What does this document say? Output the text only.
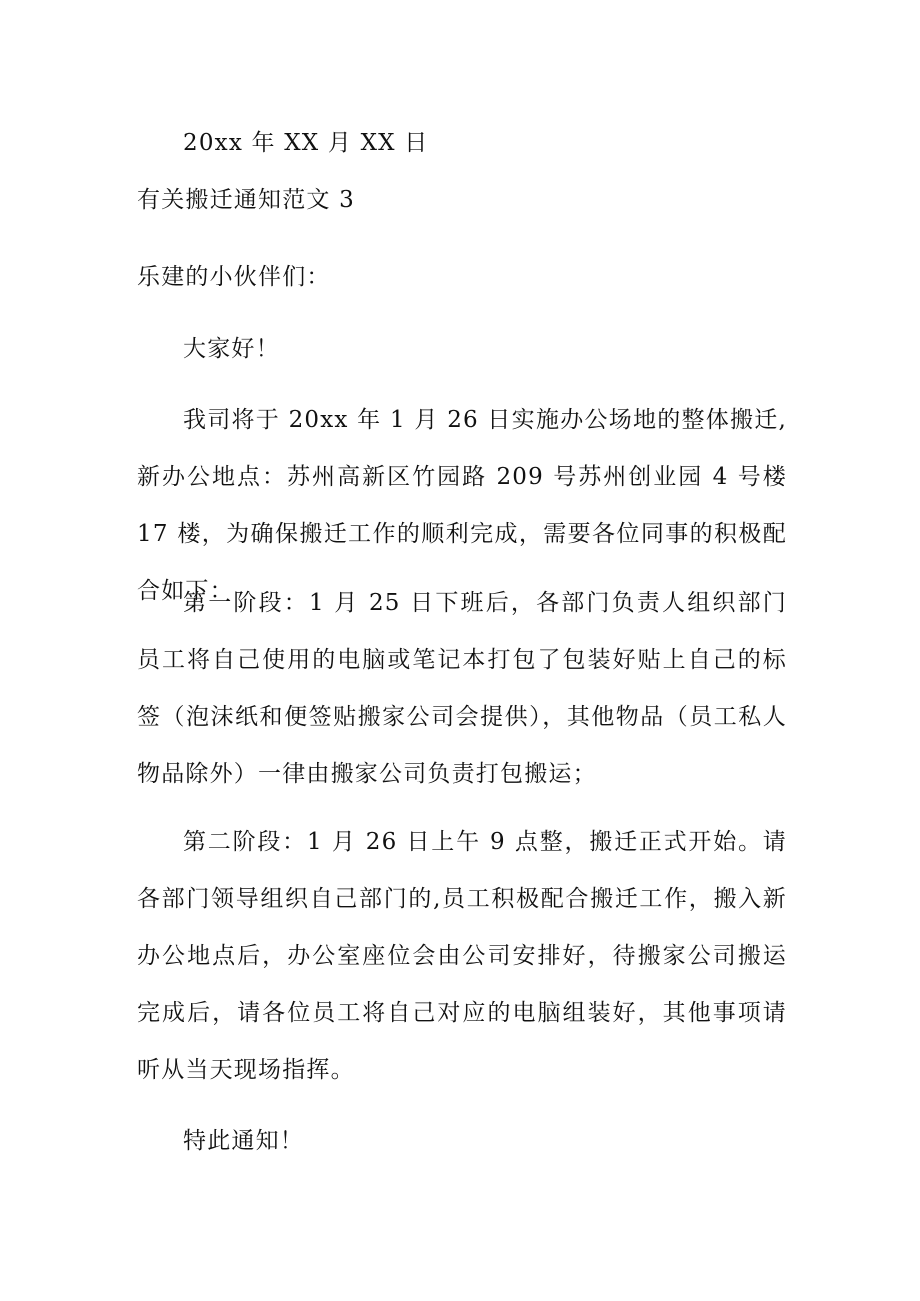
20xx 年 XX 月 XX 日

有关搬迁通知范文 3

乐建的小伙伴们：

大家好！

我司将于 20xx 年 1 月 26 日实施办公场地的整体搬迁,新办公地点：苏州高新区竹园路 209 号苏州创业园 4 号楼 17 楼，为确保搬迁工作的顺利完成，需要各位同事的积极配合如下：

第一阶段：1 月 25 日下班后，各部门负责人组织部门员工将自己使用的电脑或笔记本打包了包装好贴上自己的标签（泡沫纸和便签贴搬家公司会提供），其他物品（员工私人物品除外）一律由搬家公司负责打包搬运；

第二阶段：1 月 26 日上午 9 点整，搬迁正式开始。请各部门领导组织自己部门的,员工积极配合搬迁工作，搬入新办公地点后，办公室座位会由公司安排好，待搬家公司搬运完成后，请各位员工将自己对应的电脑组装好，其他事项请听从当天现场指挥。

特此通知！
